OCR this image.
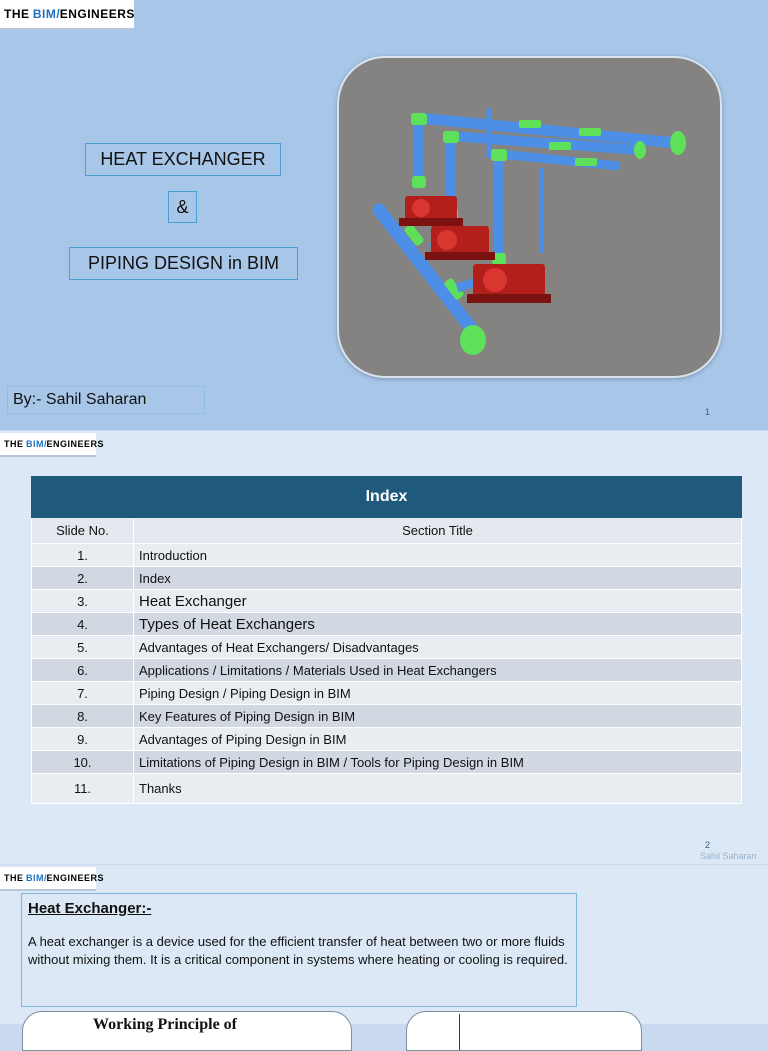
THE
BIM / ENGINEERS
HEAT EXCHANGER
&
PIPING DESIGN in BIM
By:- Sahil Saharan
1
THE
BIM / ENGINEERS
Index	
Slide No.	Section Title
1.	Introduction
2.	Index
3.	Heat Exchanger
4.	Types of Heat Exchangers
5.	Advantages of Heat Exchangers/ Disadvantages
6.	Applications / Limitations / Materials Used in Heat Exchangers
7.	Piping Design / Piping Design in BIM
8.	Key Features of Piping Design in BIM
9.	Advantages of Piping Design in BIM
10.	Limitations of Piping Design in BIM / Tools for Piping Design in BIM
11.	Thanks
2
Sahil Saharan
THE
BIM / ENGINEERS

Heat Exchanger:-

A heat exchanger is a device used for the efficient transfer of heat between two or more fluids without mixing them. It is a critical component in systems where heating or cooling is required.

Working Principle of
